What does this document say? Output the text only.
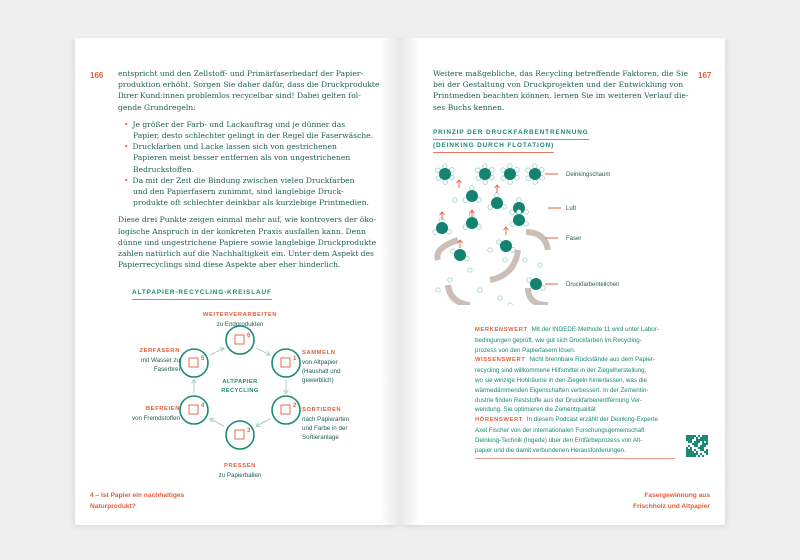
166 entspricht und den Zellstoff- und Primärfaserbedarf der Papier-
produktion erhöht. Sorgen Sie daher dafür, dass die Druckprodukte
Ihrer Kund:innen problemlos recycelbar sind! Dabei gelten fol-
gende Grundregeln:
• Je größer der Farb- und Lackauftrag und je dünner das
Papier, desto schlechter gelingt in der Regel die Faserwäsche.
• Druckfarben und Lacke lassen sich von gestrichenen
Papieren meist besser entfernen als von ungestrichenen
Bedruckstoffen.
• Da mit der Zeit die Bindung zwischen vielen Druckfarben
und den Papierfasern zunimmt, sind langlebige Druck-
produkte oft schlechter deinkbar als kurzlebige Printmedien.
Diese drei Punkte zeigen einmal mehr auf, wie kontrovers der öko-
logische Anspruch in der konkreten Praxis ausfallen kann. Denn
dünne und ungestrichene Papiere sowie langlebige Druckprodukte
zahlen natürlich auf die Nachhaltigkeit ein. Unter dem Aspekt des
Papierrecyclings sind diese Aspekte aber eher hinderlich.
ALTPAPIER-RECYCLING-KREISLAUF
1
2
3
4
5
6
ALTPAPIER
RECYCLING
SAMMELN
von Altpapier
(Haushalt und
gewerblich)
SORTIEREN
nach Papierarten
und Farbe in der
Sortieranlage
PRESSEN
zu Papierballen
BEFREIEN
von Fremdstoffen
ZERFASERN
mit Wasser zu
Faserbrei
WEITERVERARBEITEN
zu Endprodukten
4 – Ist Papier ein nachhaltiges
Naturprodukt?
167
Weitere maßgebliche, das Recycling betreffende Faktoren, die Sie
bei der Gestaltung von Druckprojekten und der Entwicklung von
Printmedien beachten können, lernen Sie im weiteren Verlauf die-
ses Buchs kennen.
PRINZIP DER DRUCKFARBENTRENNUNG
(DEINKING DURCH FLOTATION)
Deinkingschaum
Luft
Faser
Druckfarbenteilchen
MERKENSWERT Mit der INGEDE-Methode 11 wird unter Labor-
bedingungen geprüft, wie gut sich Druckfarben im Recycling-
prozess von den Papierfasern lösen.
WISSENSWERT Nicht brennbare Rückstände aus dem Papier-
recycling sind willkommene Hilfsmittel in der Ziegelherstellung,
wo sie winzige Hohlräume in den Ziegeln hinterlassen, was die
wärmedämmenden Eigenschaften verbessert. In der Zementin-
dustrie finden Reststoffe aus der Druckfarbenentfernung Ver-
wendung. Sie optimieren die Zementqualität
HÖRENSWERT In diesem Podcast erzählt der Deinking-Experte
Axel Fischer von der internationalen Forschungsgemeinschaft
Deinking-Technik (Ingede) über den Entfärbeprozess von Alt-
papier und die damit verbundenen Herausforderungen.
Fasergewinnung aus
Frischholz und Altpapier
